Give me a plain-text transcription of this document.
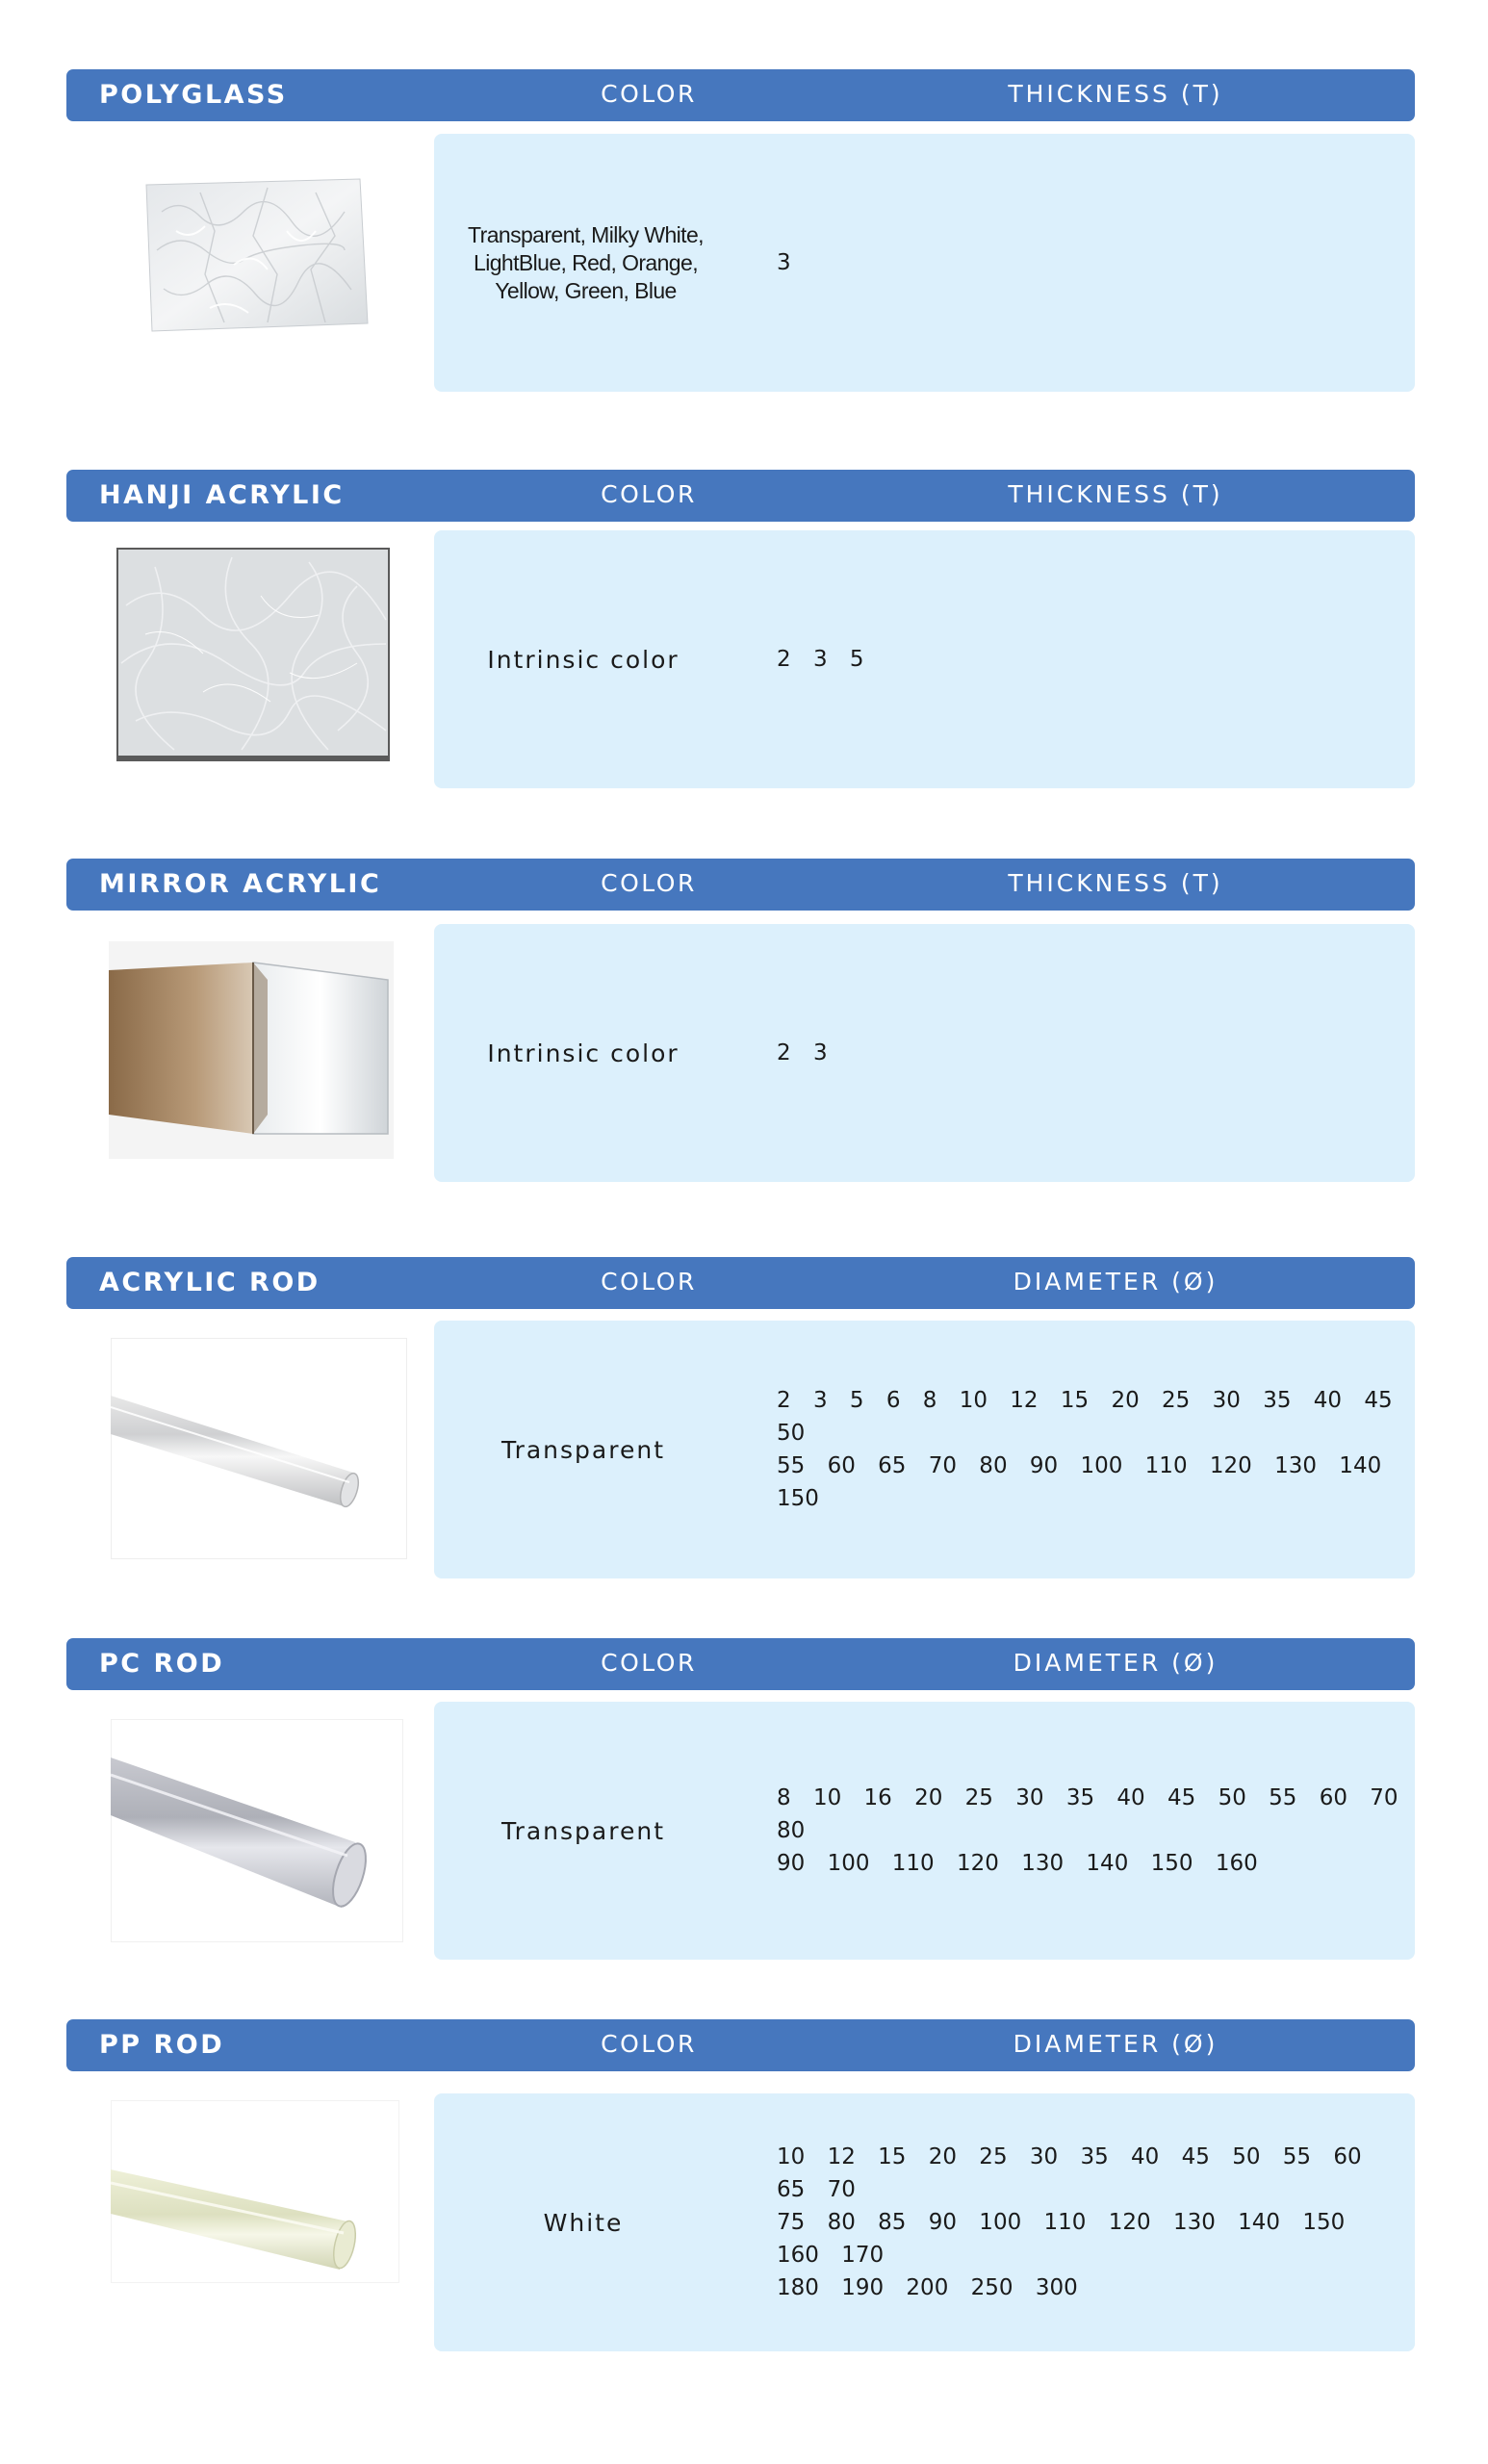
POLYGLASS	COLOR	THICKNESS (T)
Transparent, Milky White, LightBlue, Red, Orange, Yellow, Green, Blue
3
HANJI ACRYLIC	COLOR	THICKNESS (T)
Intrinsic color	2 3 5
MIRROR ACRYLIC	COLOR	THICKNESS (T)
Intrinsic color	2 3
ACRYLIC ROD	COLOR	DIAMETER (Ø)
Transparent
2 3 5 6 8 10 12 15 20 25 30 35 40 45 50
55 60 65 70 80 90 100 110 120 130 140 150
PC ROD	COLOR	DIAMETER (Ø)
Transparent
8 10 16 20 25 30 35 40 45 50 55 60 70 80
90 100 110 120 130 140 150 160
PP ROD	COLOR	DIAMETER (Ø)
White
10 12 15 20 25 30 35 40 45 50 55 60 65 70
75 80 85 90 100 110 120 130 140 150 160 170
180 190 200 250 300
